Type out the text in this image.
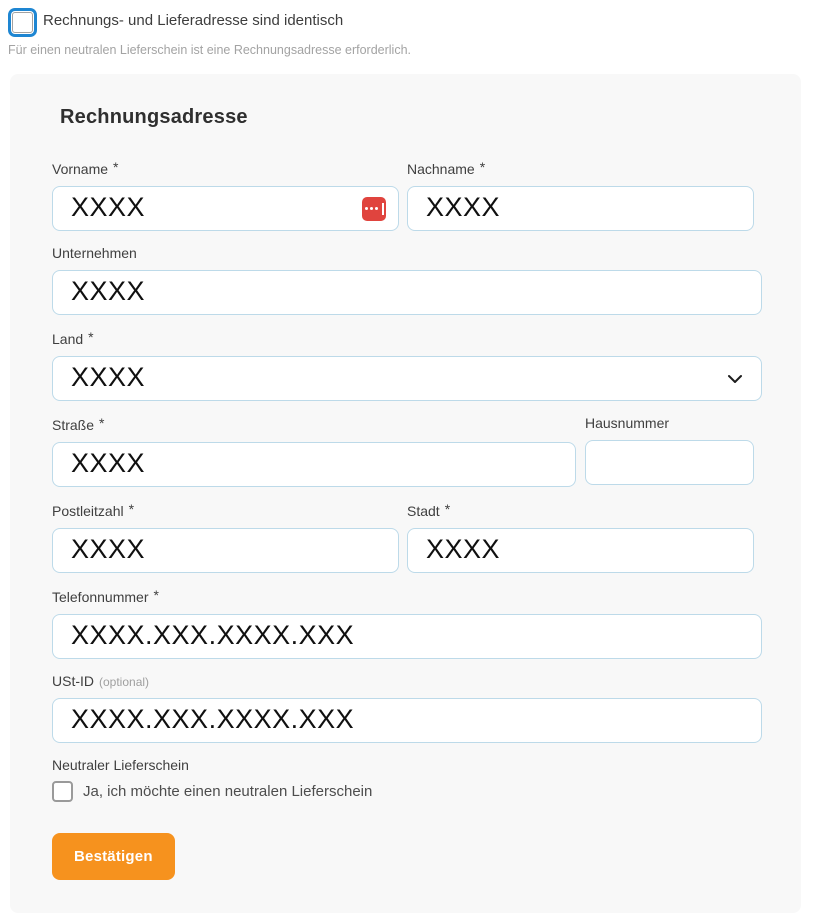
Rechnungs- und Lieferadresse sind identisch
Für einen neutralen Lieferschein ist eine Rechnungsadresse erforderlich.
Rechnungsadresse
Vorname *
XXXX
Nachname *
XXXX
Unternehmen
XXXX
Land *
XXXX
Straße *
XXXX
Hausnummer
Postleitzahl *
XXXX
Stadt *
XXXX
Telefonnummer *
XXXX.XXX.XXXX.XXX
USt-ID (optional)
XXXX.XXX.XXXX.XXX
Neutraler Lieferschein
Ja, ich möchte einen neutralen Lieferschein
Bestätigen
